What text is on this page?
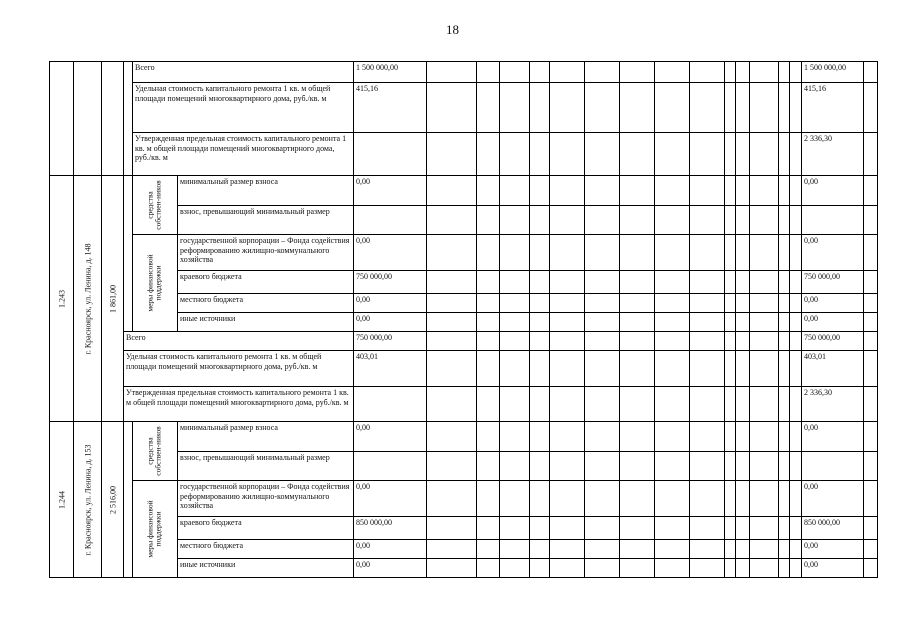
18
				Всего		1 500 000,00															1 500 000,00	
				Удельная стоимость капитального ремонта 1 кв. м общей площади помещений многоквартирного дома, руб./кв. м		415,16															415,16	
				Утвержденная предельная стоимость капитального ремонта 1 кв. м общей площади помещений многоквартирного дома, руб./кв. м																	2 336,30	

1.243	г. Красноярск, ул. Ленина, д. 148	1 861,00		средства собствен-ников	минимальный размер взноса	0,00															0,00	
					взнос, превышающий минимальный размер																	

				меры финансовой поддержки	государственной корпорации – Фонда содействия реформированию жилищно-коммунального хозяйства	0,00															0,00	
					краевого бюджета	750 000,00															750 000,00	
					местного бюджета	0,00															0,00	
					иные источники	0,00															0,00	
			Всего			750 000,00															750 000,00	
			Удельная стоимость капитального ремонта 1 кв. м общей площади помещений многоквартирного дома, руб./кв. м			403,01															403,01	
			Утвержденная предельная стоимость капитального ремонта 1 кв. м общей площади помещений многоквартирного дома, руб./кв. м																		2 336,30	

1.244	г. Красноярск, ул. Ленина, д. 153	2 516,00		средства собствен-ников	минимальный размер взноса	0,00															0,00	
					взнос, превышающий минимальный размер																	

				меры финансовой поддержки	государственной корпорации – Фонда содействия реформированию жилищно-коммунального хозяйства	0,00															0,00	
					краевого бюджета	850 000,00															850 000,00	
					местного бюджета	0,00															0,00	
					иные источники	0,00															0,00	
